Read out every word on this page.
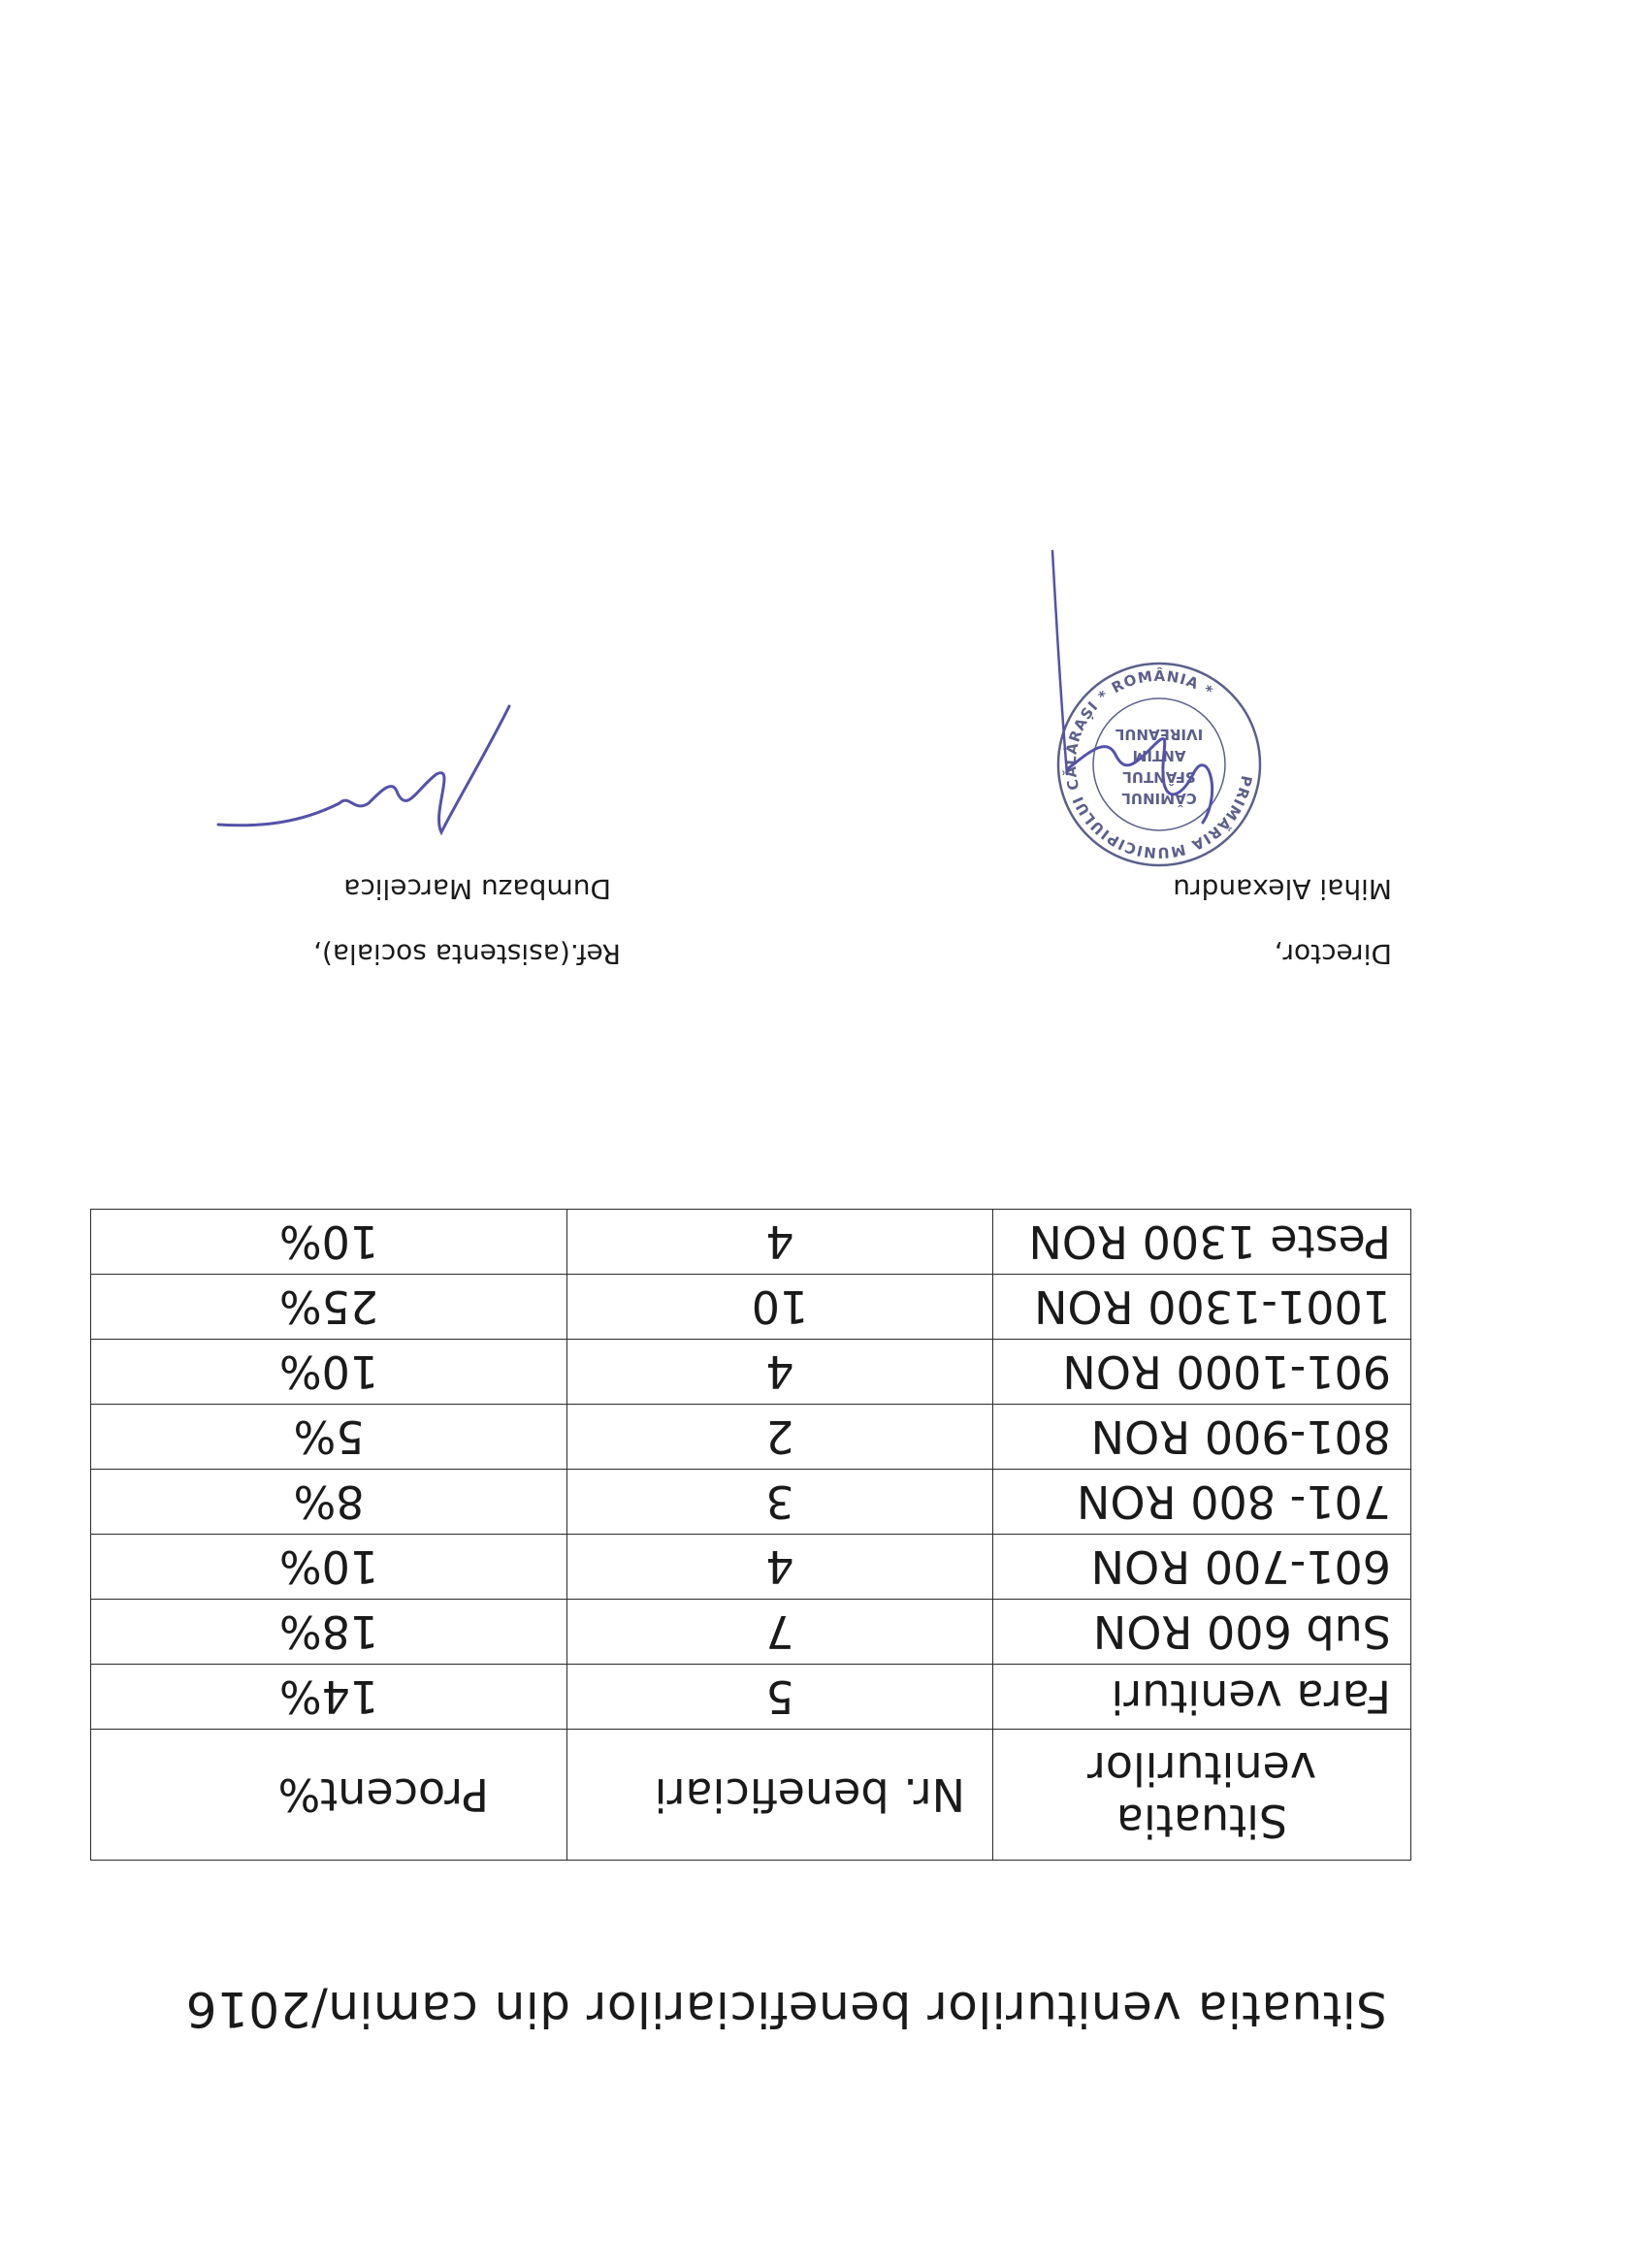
Situatia veniturilor beneficiarilor din camin/2016
Situatia veniturilor	Nr. beneficiari	Procent%
Fara venituri	5	14%
Sub 600 RON	7	18%
601-700 RON	4	10%
701- 800 RON	3	8%
801-900 RON	2	5%
901-1000 RON	4	10%
1001-1300 RON	10	25%
Peste 1300 RON	4	10%
Director,
Mihai Alexandru
Ref.(asistenta sociala),
Dumbazu Marcelica
PRIMĂRIA MUNICIPIULUI CĂLĂRAȘI * ROMÂNIA *
CĂMINUL
SFÂNTUL
ANTIM
IVIREANUL
